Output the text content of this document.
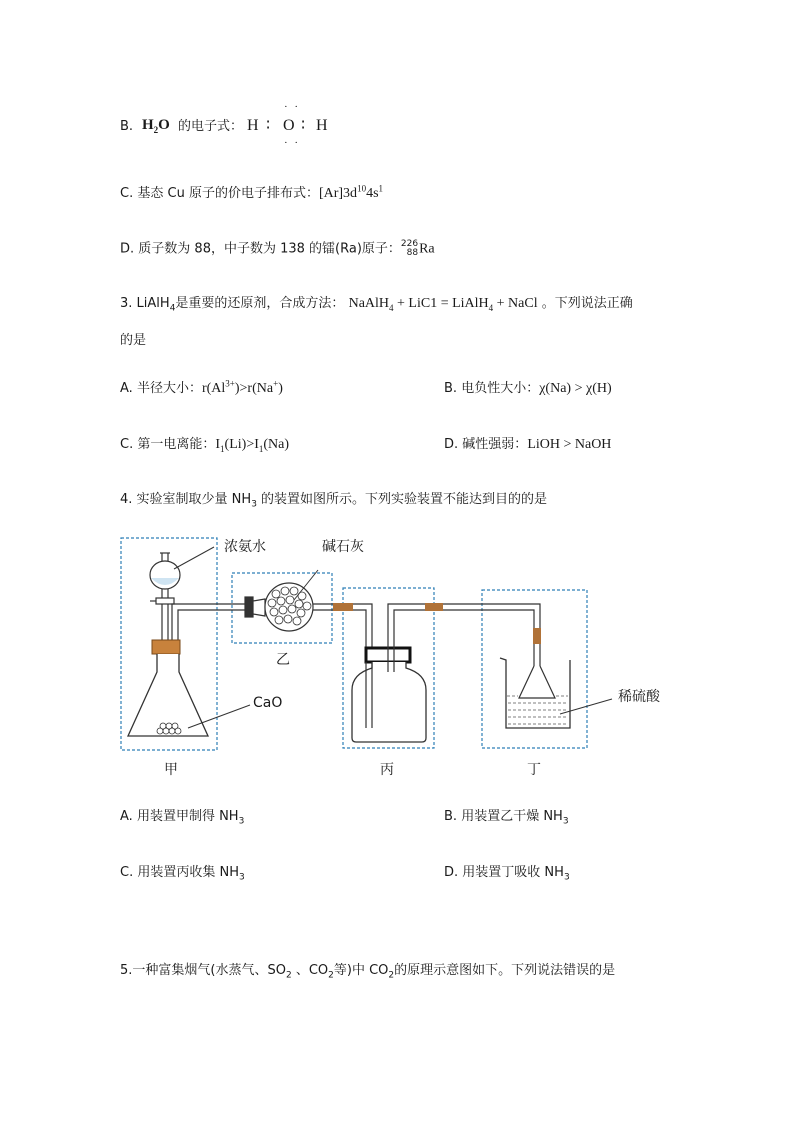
B. $H_2O$ 的电子式： H ∶ O ∶ H
· ·
· ·
C. 基态 Cu 原子的价电子排布式：$[Ar]3d^{10}4s^1$
D. 质子数为 88，中子数为 138 的镭(Ra)原子：226
88Ra
3. LiAlH$_4$是重要的还原剂，合成方法： NaAlH$_4$ + LiC1 = LiAlH$_4$ + NaCl 。下列说法正确
的是
A. 半径大小：$r(Al^{3+})>r(Na^+)$	B. 电负性大小：χ(Na) > χ(H)
C. 第一电离能：$I_1(Li)>I_1(Na)$	D. 碱性强弱：LiOH > NaOH
4. 实验室制取少量 $NH_3$ 的装置如图所示。下列实验装置不能达到目的的是
浓氨水	碱石灰
CaO	稀硫酸
甲
乙
丙	丁
A. 用装置甲制得 $NH_3$	B. 用装置乙干燥 $NH_3$
C. 用装置丙收集 $NH_3$	D. 用装置丁吸收 $NH_3$
5.一种富集烟气(水蒸气、$SO_2$ 、$CO_2$等)中 $CO_2$的原理示意图如下。下列说法错误的是
